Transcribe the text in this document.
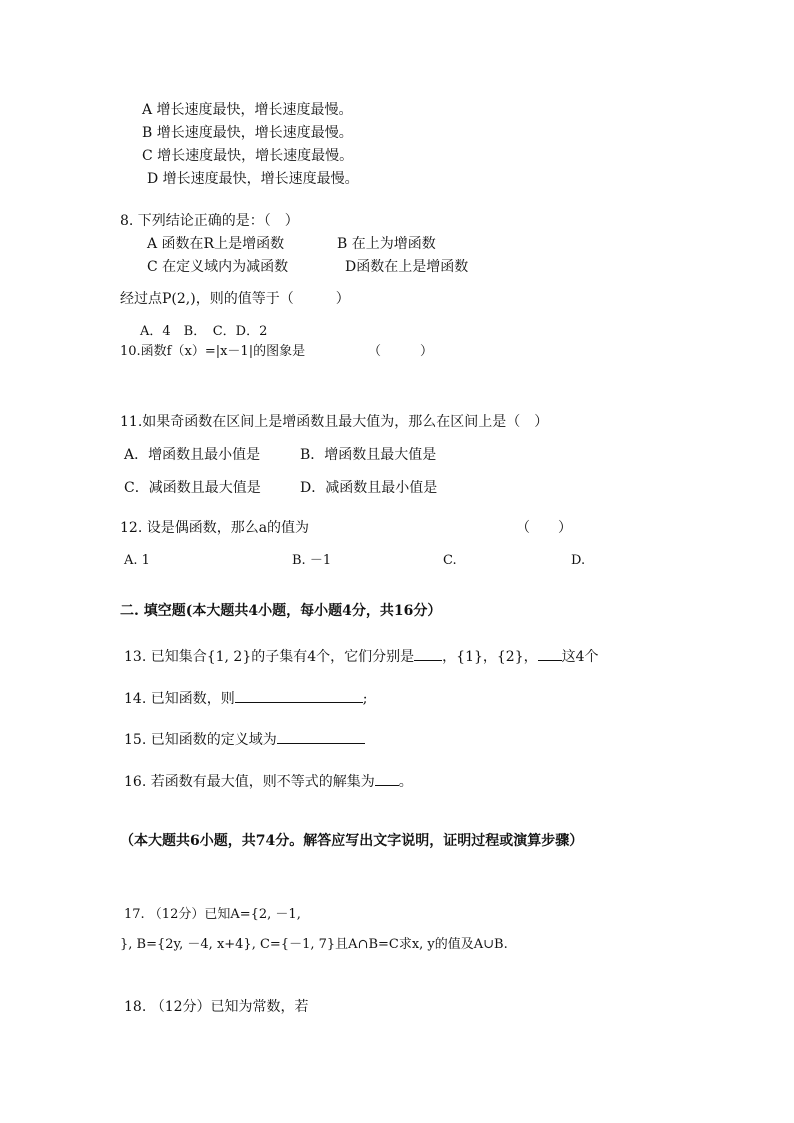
A 增长速度最快，增长速度最慢。
B 增长速度最快，增长速度最慢。
C 增长速度最快，增长速度最慢。
D 增长速度最快，增长速度最慢。
8. 下列结论正确的是：（　）
A 函数在R上是增函数	B 在上为增函数
C 在定义域内为减函数	D函数在上是增函数
经过点P(2,)，则的值等于（　　　）
A．4　B．　C．D．2
10.函数f（x）=|x－1|的图象是	（　　　）
11.如果奇函数在区间上是增函数且最大值为，那么在区间上是（　）
A．增函数且最小值是	B．增函数且最大值是
C．减函数且最大值是	D．减函数且最小值是
12. 设是偶函数，那么a的值为	（　　）
A. 1	B. －1	C.	D.
二. 填空题(本大题共4小题，每小题4分，共16分）
13. 已知集合{1, 2}的子集有4个，它们分别是 ，{1}，{2}， 这4个
14. 已知函数，则	;
15. 已知函数的定义域为
16. 若函数有最大值，则不等式的解集为 。
（本大题共6小题，共74分。解答应写出文字说明，证明过程或演算步骤）
17. （12分）已知A={2, －1,
}, B={2y, －4, x+4}, C={－1, 7}且A∩B=C求x, y的值及A∪B.
18. （12分）已知为常数，若
